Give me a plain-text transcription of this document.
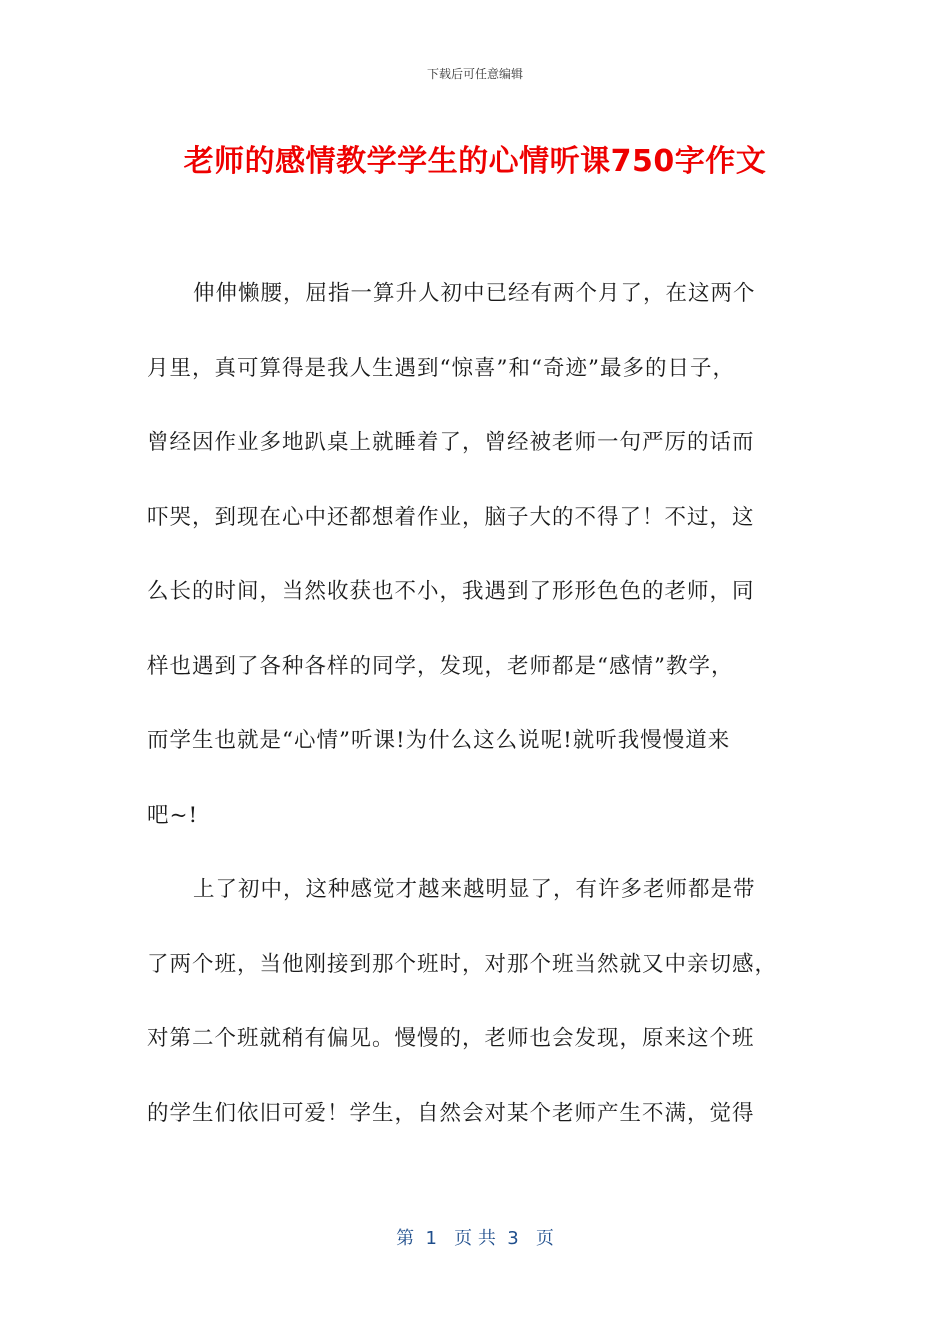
下载后可任意编辑
老师的感情教学学生的心情听课750字作文
伸伸懒腰，屈指一算升人初中已经有两个月了，在这两个
月里，真可算得是我人生遇到“惊喜”和“奇迹”最多的日子，
曾经因作业多地趴桌上就睡着了，曾经被老师一句严厉的话而
吓哭，到现在心中还都想着作业，脑子大的不得了！不过，这
么长的时间，当然收获也不小，我遇到了形形色色的老师，同
样也遇到了各种各样的同学，发现，老师都是“感情”教学，
而学生也就是“心情”听课!为什么这么说呢!就听我慢慢道来
吧~!
上了初中，这种感觉才越来越明显了，有许多老师都是带
了两个班，当他刚接到那个班时，对那个班当然就又中亲切感，
对第二个班就稍有偏见。慢慢的，老师也会发现，原来这个班
的学生们依旧可爱！学生，自然会对某个老师产生不满，觉得
第  1   页 共  3   页
